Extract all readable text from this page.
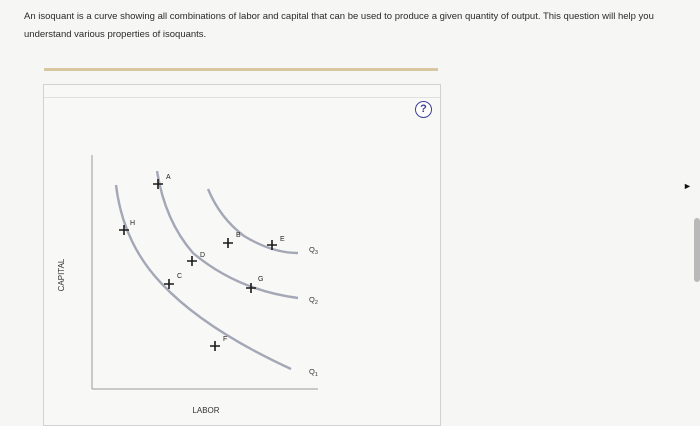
An isoquant is a curve showing all combinations of labor and capital that can be used to produce a given quantity of output. This question will help you understand various properties of isoquants.
?
CAPITAL
LABOR
$Q_3$
$Q_2$
$Q_1$
A
H
B
D
E
C	G
F
►
